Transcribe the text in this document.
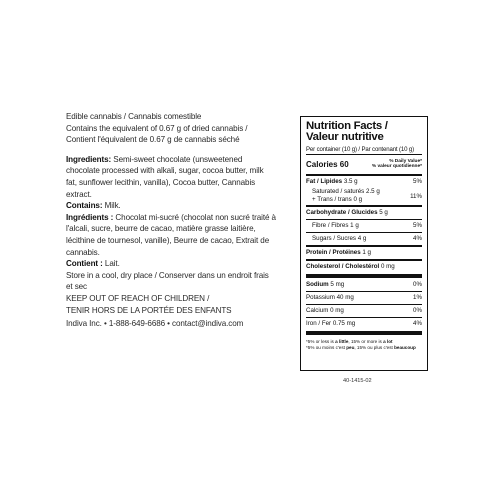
Edible cannabis / Cannabis comestible

Contains the equivalent of 0.67 g of dried cannabis /

Contient l'équivalent de 0.67 g de cannabis séché

Ingredients: Semi-sweet chocolate (unsweetened chocolate processed with alkali, sugar, cocoa butter, milk fat, sunflower lecithin, vanilla), Cocoa butter, Cannabis extract.

Contains: Milk.

Ingrédients : Chocolat mi-sucré (chocolat non sucré traité à l'alcali, sucre, beurre de cacao, matière grasse laitière, lécithine de tournesol, vanille), Beurre de cacao, Extrait de cannabis.

Contient : Lait.

Store in a cool, dry place / Conserver dans un endroit frais et sec

KEEP OUT OF REACH OF CHILDREN /

TENIR HORS DE LA PORTÉE DES ENFANTS

Indiva Inc. • 1-888-649-6686 • contact@indiva.com

Nutrition Facts /
Valeur nutritive
Per container (10 g) / Par contenant (10 g)
Calories 60	% Daily Value*
% valeur quotidienne*
Fat / Lipides 3.5 g	5%
Saturated / saturés 2.5 g
+ Trans / trans 0 g	11%
Carbohydrate / Glucides 5 g
Fibre / Fibres 1 g	5%
Sugars / Sucres 4 g	4%
Protein / Protéines 1 g
Cholesterol / Cholestérol 0 mg
Sodium 5 mg	0%
Potassium 40 mg	1%
Calcium 0 mg	0%
Iron / Fer 0.75 mg	4%
*5% or less is a little, 15% or more is a lot
*5% ou moins c'est peu, 15% ou plus c'est beaucoup
40-1415-02
